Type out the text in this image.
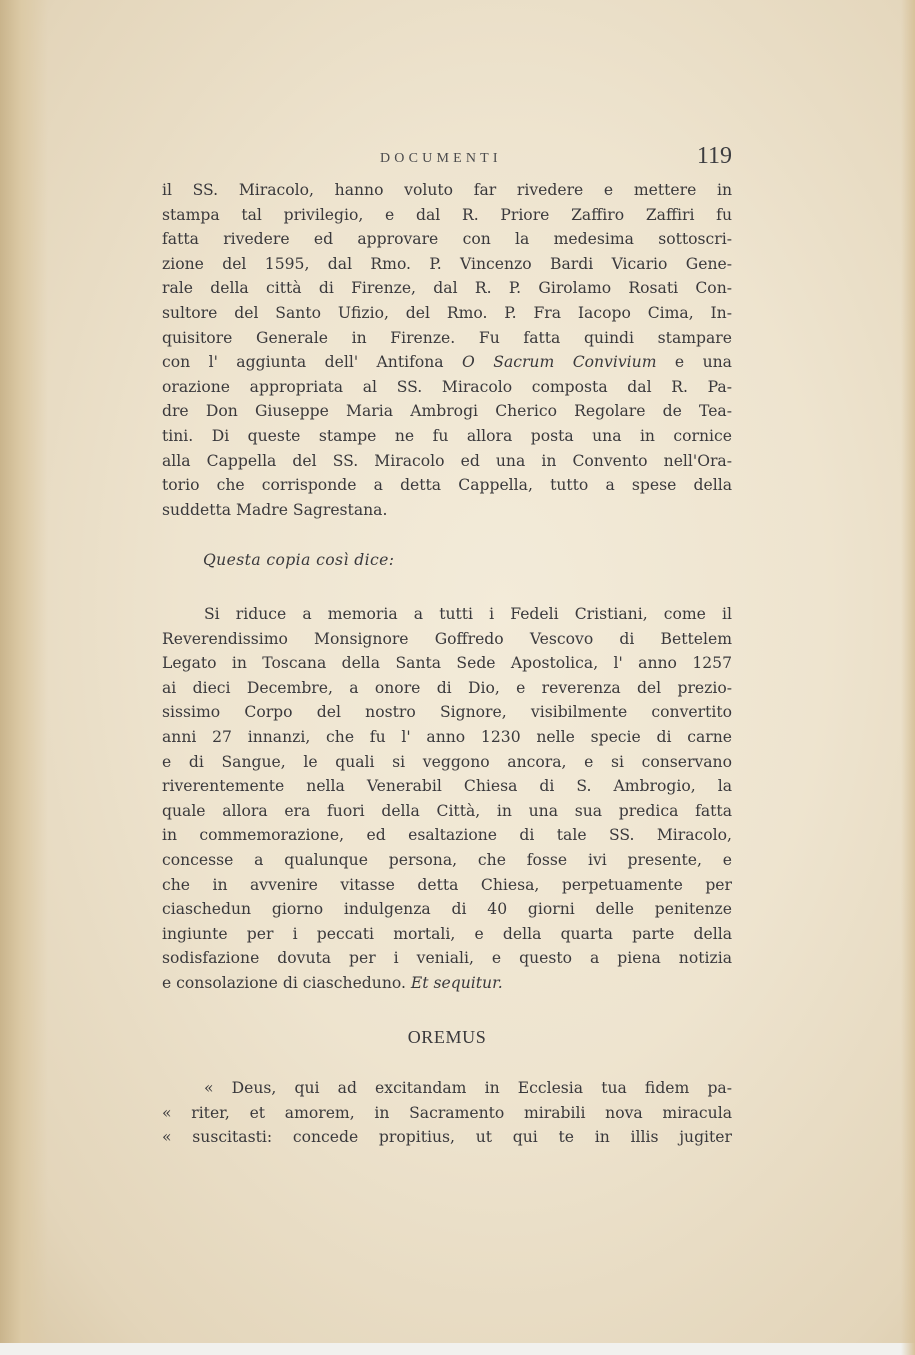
DOCUMENTI	119
il SS. Miracolo, hanno voluto far rivedere e mettere in
stampa tal privilegio, e dal R. Priore Zaffiro Zaffiri fu
fatta rivedere ed approvare con la medesima sottoscri-
zione del 1595, dal Rmo. P. Vincenzo Bardi Vicario Gene-
rale della città di Firenze, dal R. P. Girolamo Rosati Con-
sultore del Santo Ufizio, del Rmo. P. Fra Iacopo Cima, In-
quisitore Generale in Firenze. Fu fatta quindi stampare
con l' aggiunta dell' Antifona O Sacrum Convivium e una
orazione appropriata al SS. Miracolo composta dal R. Pa-
dre Don Giuseppe Maria Ambrogi Cherico Regolare de Tea-
tini. Di queste stampe ne fu allora posta una in cornice
alla Cappella del SS. Miracolo ed una in Convento nell'Ora-
torio che corrisponde a detta Cappella, tutto a spese della
suddetta Madre Sagrestana.
Questa copia così dice:
Si riduce a memoria a tutti i Fedeli Cristiani, come il
Reverendissimo Monsignore Goffredo Vescovo di Bettelem
Legato in Toscana della Santa Sede Apostolica, l' anno 1257
ai dieci Decembre, a onore di Dio, e reverenza del prezio-
sissimo Corpo del nostro Signore, visibilmente convertito
anni 27 innanzi, che fu l' anno 1230 nelle specie di carne
e di Sangue, le quali si veggono ancora, e si conservano
riverentemente nella Venerabil Chiesa di S. Ambrogio, la
quale allora era fuori della Città, in una sua predica fatta
in commemorazione, ed esaltazione di tale SS. Miracolo,
concesse a qualunque persona, che fosse ivi presente, e
che in avvenire vitasse detta Chiesa, perpetuamente per
ciaschedun giorno indulgenza di 40 giorni delle penitenze
ingiunte per i peccati mortali, e della quarta parte della
sodisfazione dovuta per i veniali, e questo a piena notizia
e consolazione di ciascheduno. Et sequitur.
OREMUS
« Deus, qui ad excitandam in Ecclesia tua fidem pa-
« riter, et amorem, in Sacramento mirabili nova miracula
« suscitasti: concede propitius, ut qui te in illis jugiter
